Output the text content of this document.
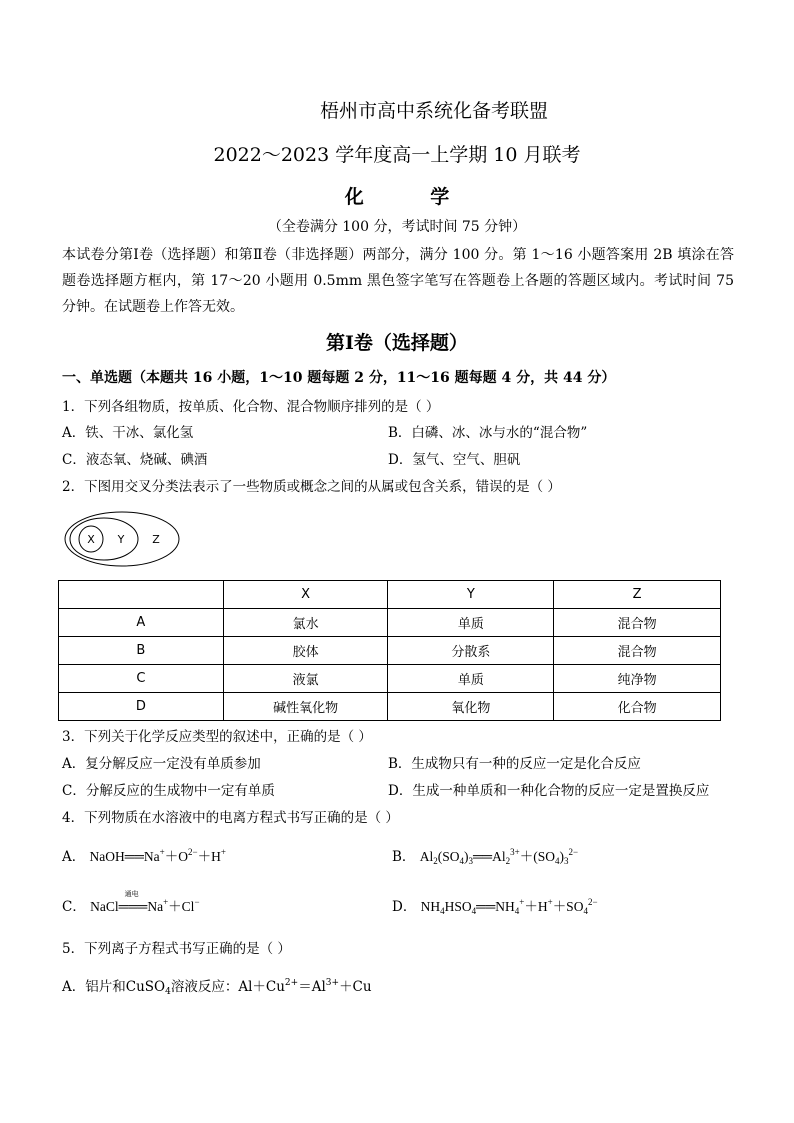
梧州市高中系统化备考联盟
2022～2023 学年度高一上学期 10 月联考
化 学
（全卷满分 100 分，考试时间 75 分钟）
本试卷分第Ⅰ卷（选择题）和第Ⅱ卷（非选择题）两部分，满分 100 分。第 1～16 小题答案用 2B 填涂在答题卷选择题方框内，第 17～20 小题用 0.5mm 黑色签字笔写在答题卷上各题的答题区域内。考试时间 75 分钟。在试题卷上作答无效。
第Ⅰ卷（选择题）
一、单选题（本题共 16 小题，1～10 题每题 2 分，11～16 题每题 4 分，共 44 分）
1．下列各组物质，按单质、化合物、混合物顺序排列的是（ ）
A．铁、干冰、氯化氢	B．白磷、冰、冰与水的“混合物”
C．液态氧、烧碱、碘酒	D．氢气、空气、胆矾
2．下图用交叉分类法表示了一些物质或概念之间的从属或包含关系，错误的是（ ）
X Y	Z
	X	Y	Z
A	氯水	单质	混合物
B	胶体	分散系	混合物
C	液氯	单质	纯净物
D	碱性氧化物	氧化物	化合物
3．下列关于化学反应类型的叙述中，正确的是（ ）
A．复分解反应一定没有单质参加	B．生成物只有一种的反应一定是化合反应
C．分解反应的生成物中一定有单质	D．生成一种单质和一种化合物的反应一定是置换反应
4．下列物质在水溶液中的电离方程式书写正确的是（ ）
A． $NaOH══Na^++O^{2-}+H^+$	B． $Al_2(SO_4)_3══Al_2^{3+}+(SO_4)_3^{2-}$
C． NaCl
通电
═══Na+＋Cl−	D． $NH_4HSO_4══NH_4^++H^++SO_4^{2-}$
5．下列离子方程式书写正确的是（ ）
A．铝片和CuSO$_4$溶液反应：$Al+Cu^{2+}=Al^{3+}+Cu$
